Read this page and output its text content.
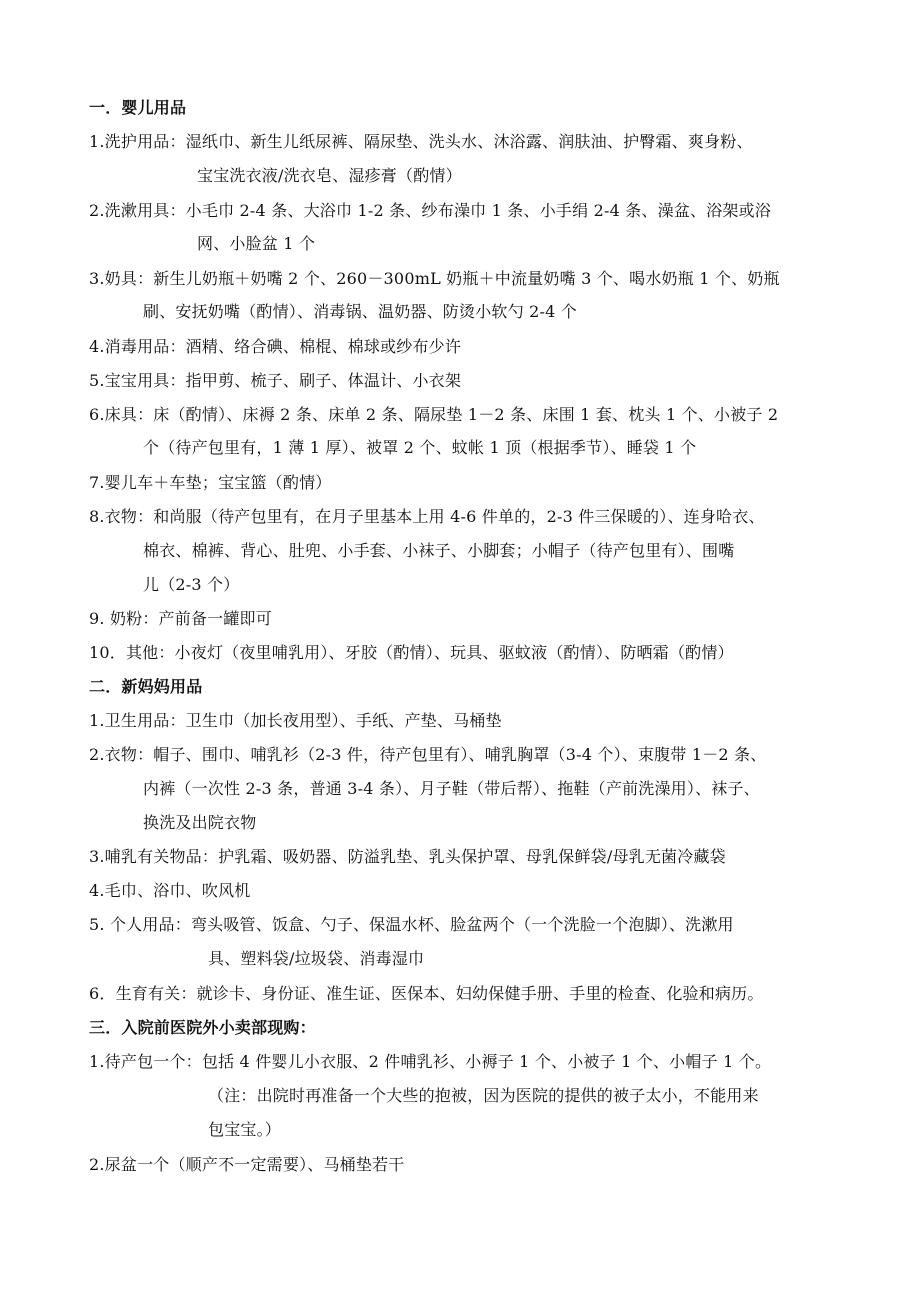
一．婴儿用品
1.洗护用品：湿纸巾、新生儿纸尿裤、隔尿垫、洗头水、沐浴露、润肤油、护臀霜、爽身粉、
宝宝洗衣液/洗衣皂、湿疹膏（酌情）
2.洗漱用具：小毛巾 2-4 条、大浴巾 1-2 条、纱布澡巾 1 条、小手绢 2-4 条、澡盆、浴架或浴
网、小脸盆 1 个
3.奶具：新生儿奶瓶＋奶嘴 2 个、260－300mL 奶瓶＋中流量奶嘴 3 个、喝水奶瓶 1 个、奶瓶
刷、安抚奶嘴（酌情）、消毒锅、温奶器、防烫小软勺 2-4 个
4.消毒用品：酒精、络合碘、棉棍、棉球或纱布少许
5.宝宝用具：指甲剪、梳子、刷子、体温计、小衣架
6.床具：床（酌情）、床褥 2 条、床单 2 条、隔尿垫 1－2 条、床围 1 套、枕头 1 个、小被子 2
个（待产包里有，1 薄 1 厚）、被罩 2 个、蚊帐 1 顶（根据季节）、睡袋 1 个
7.婴儿车＋车垫；宝宝篮（酌情）
8.衣物：和尚服（待产包里有，在月子里基本上用 4-6 件单的，2-3 件三保暖的）、连身哈衣、
棉衣、棉裤、背心、肚兜、小手套、小袜子、小脚套；小帽子（待产包里有）、围嘴
儿（2-3 个）
9. 奶粉：产前备一罐即可
10．其他：小夜灯（夜里哺乳用）、牙胶（酌情）、玩具、驱蚊液（酌情）、防晒霜（酌情）
二．新妈妈用品
1.卫生用品：卫生巾（加长夜用型）、手纸、产垫、马桶垫
2.衣物：帽子、围巾、哺乳衫（2-3 件，待产包里有）、哺乳胸罩（3-4 个）、束腹带 1－2 条、
内裤（一次性 2-3 条，普通 3-4 条）、月子鞋（带后帮）、拖鞋（产前洗澡用）、袜子、
换洗及出院衣物
3.哺乳有关物品：护乳霜、吸奶器、防溢乳垫、乳头保护罩、母乳保鲜袋/母乳无菌冷藏袋
4.毛巾、浴巾、吹风机
5. 个人用品：弯头吸管、饭盒、勺子、保温水杯、脸盆两个（一个洗脸一个泡脚）、洗漱用
具、塑料袋/垃圾袋、消毒湿巾
6．生育有关：就诊卡、身份证、准生证、医保本、妇幼保健手册、手里的检查、化验和病历。
三．入院前医院外小卖部现购：
1.待产包一个：包括 4 件婴儿小衣服、2 件哺乳衫、小褥子 1 个、小被子 1 个、小帽子 1 个。
（注：出院时再准备一个大些的抱被，因为医院的提供的被子太小，不能用来
包宝宝。）
2.尿盆一个（顺产不一定需要）、马桶垫若干
